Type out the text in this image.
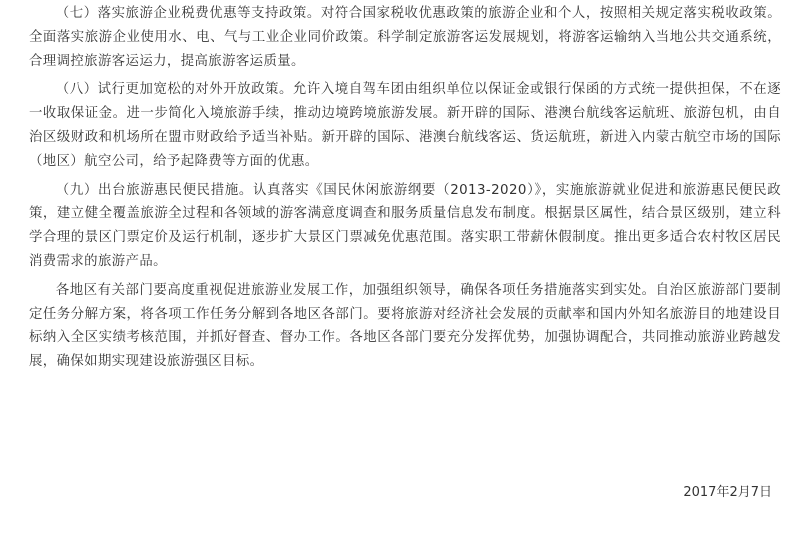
（七）落实旅游企业税费优惠等支持政策。对符合国家税收优惠政策的旅游企业和个人，按照相关规定落实税收政策。全面落实旅游企业使用水、电、气与工业企业同价政策。科学制定旅游客运发展规划，将游客运输纳入当地公共交通系统，合理调控旅游客运运力，提高旅游客运质量。

（八）试行更加宽松的对外开放政策。允许入境自驾车团由组织单位以保证金或银行保函的方式统一提供担保，不在逐一收取保证金。进一步简化入境旅游手续，推动边境跨境旅游发展。新开辟的国际、港澳台航线客运航班、旅游包机，由自治区级财政和机场所在盟市财政给予适当补贴。新开辟的国际、港澳台航线客运、货运航班，新进入内蒙古航空市场的国际（地区）航空公司，给予起降费等方面的优惠。

（九）出台旅游惠民便民措施。认真落实《国民休闲旅游纲要（2013-2020）》，实施旅游就业促进和旅游惠民便民政策，建立健全覆盖旅游全过程和各领域的游客满意度调查和服务质量信息发布制度。根据景区属性，结合景区级别，建立科学合理的景区门票定价及运行机制，逐步扩大景区门票减免优惠范围。落实职工带薪休假制度。推出更多适合农村牧区居民消费需求的旅游产品。

各地区有关部门要高度重视促进旅游业发展工作，加强组织领导，确保各项任务措施落实到实处。自治区旅游部门要制定任务分解方案，将各项工作任务分解到各地区各部门。要将旅游对经济社会发展的贡献率和国内外知名旅游目的地建设目标纳入全区实绩考核范围，并抓好督查、督办工作。各地区各部门要充分发挥优势，加强协调配合，共同推动旅游业跨越发展，确保如期实现建设旅游强区目标。

2017年2月7日
